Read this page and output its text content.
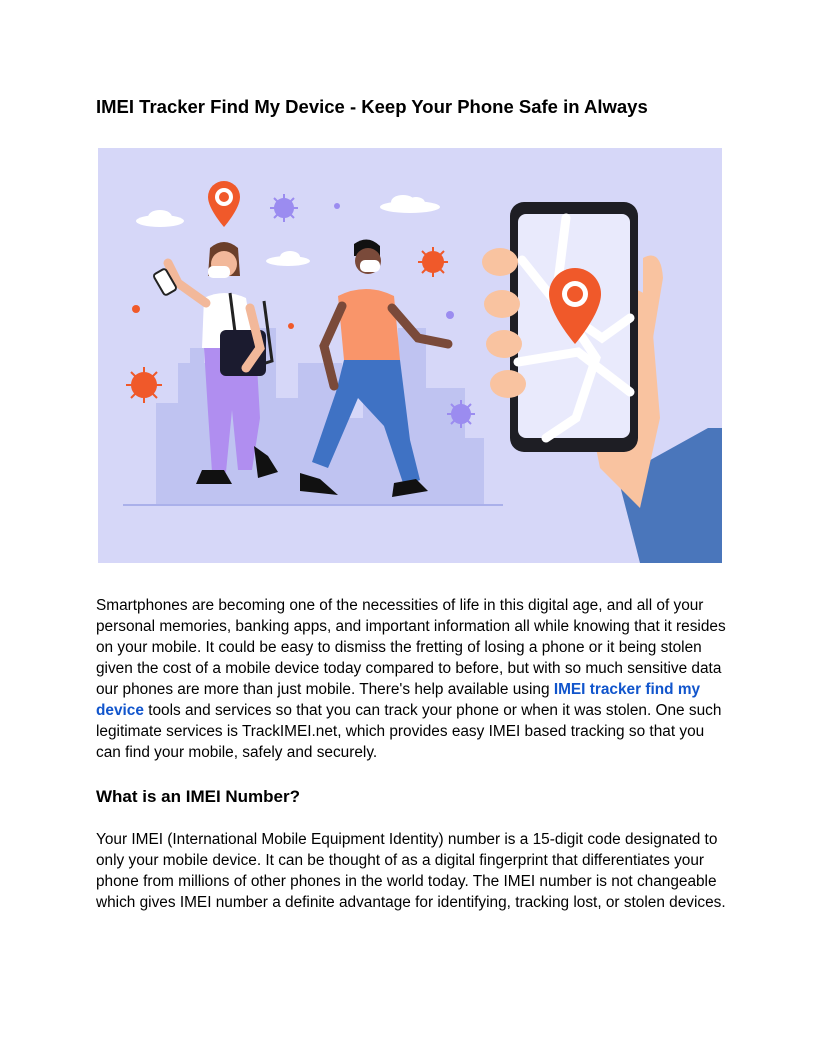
IMEI Tracker Find My Device - Keep Your Phone Safe in Always

Smartphones are becoming one of the necessities of life in this digital age, and all of your personal memories, banking apps, and important information all while knowing that it resides on your mobile. It could be easy to dismiss the fretting of losing a phone or it being stolen given the cost of a mobile device today compared to before, but with so much sensitive data our phones are more than just mobile. There's help available using IMEI tracker find my device tools and services so that you can track your phone or when it was stolen. One such legitimate services is TrackIMEI.net, which provides easy IMEI based tracking so that you can find your mobile, safely and securely.

What is an IMEI Number?

Your IMEI (International Mobile Equipment Identity) number is a 15-digit code designated to only your mobile device. It can be thought of as a digital fingerprint that differentiates your phone from millions of other phones in the world today. The IMEI number is not changeable which gives IMEI number a definite advantage for identifying, tracking lost, or stolen devices.
